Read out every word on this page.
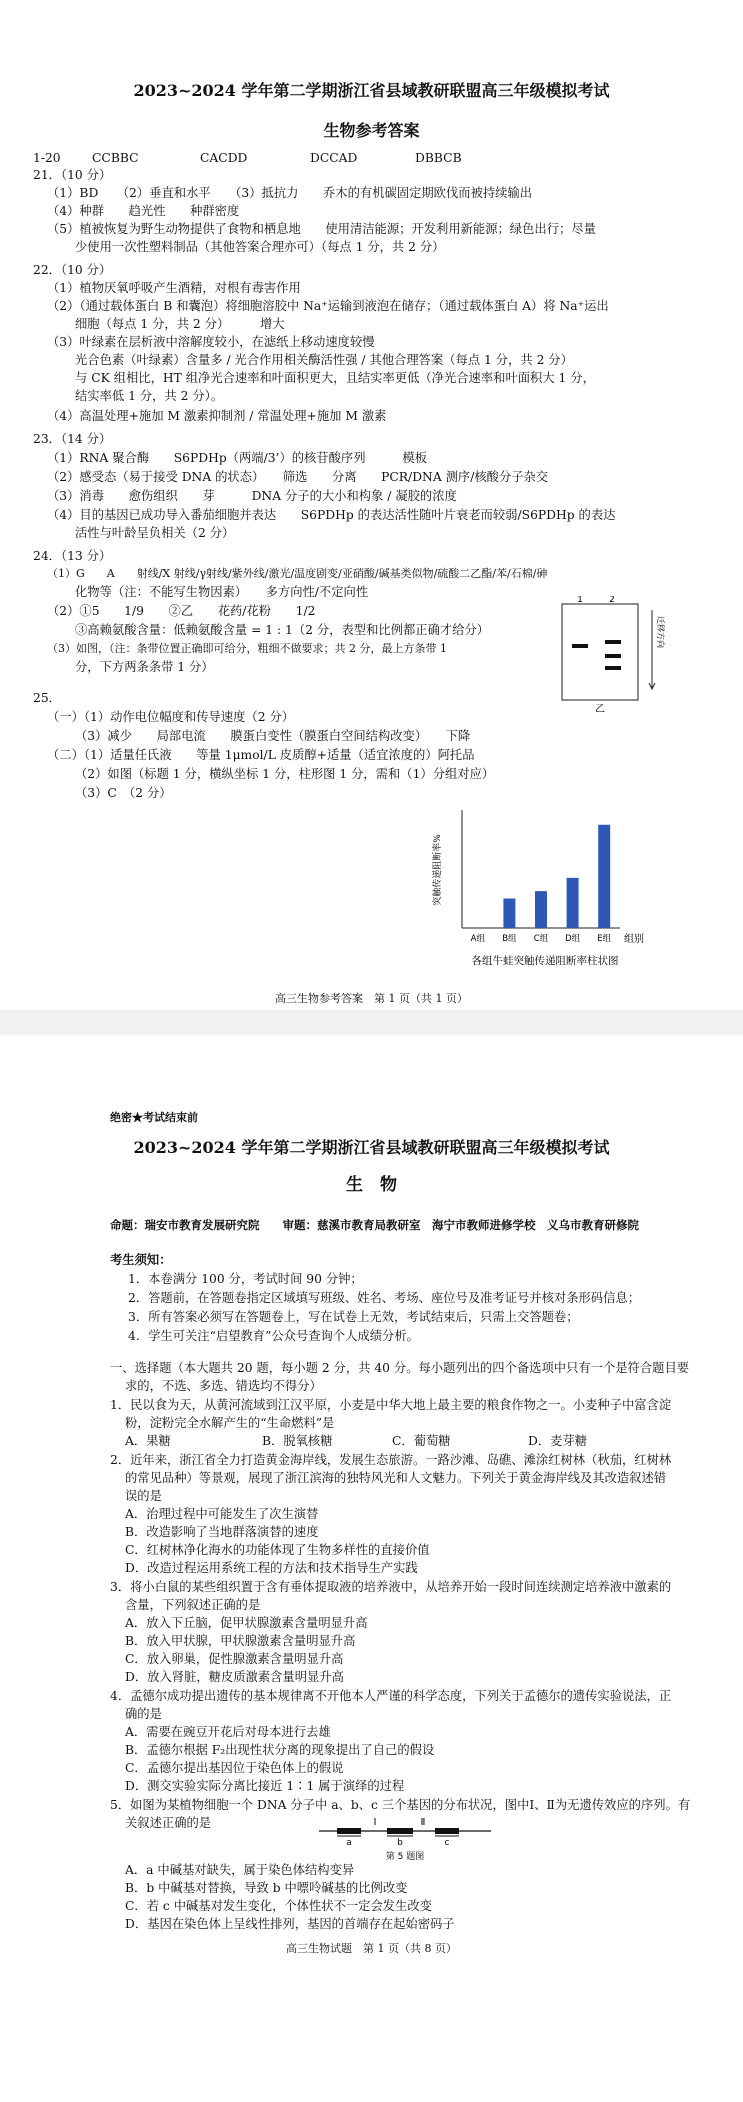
2023~2024 学年第二学期浙江省县域教研联盟高三年级模拟考试
生物参考答案
1-20	CCBBC	CACDD	DCCAD	DBBCB
21．（10 分）
（1）BD　　（2）垂直和水平　　（3）抵抗力　　乔木的有机碳固定期欧伐而被持续输出
（4）种群　　趋光性　　种群密度
（5）植被恢复为野生动物提供了食物和栖息地　　使用清洁能源；开发利用新能源；绿色出行；尽量
少使用一次性塑料制品（其他答案合理亦可）（每点 1 分，共 2 分）
22．（10 分）
（1）植物厌氧呼吸产生酒精，对根有毒害作用
（2）（通过载体蛋白 B 和囊泡）将细胞溶胶中 Na⁺运输到液泡在储存；（通过载体蛋白 A）将 Na⁺运出
细胞（每点 1 分，共 2 分）　　　增大
（3）叶绿素在层析液中溶解度较小，在滤纸上移动速度较慢
光合色素（叶绿素）含量多 / 光合作用相关酶活性强 / 其他合理答案（每点 1 分，共 2 分）
与 CK 组相比，HT 组净光合速率和叶面积更大，且结实率更低（净光合速率和叶面积大 1 分，
结实率低 1 分，共 2 分）。
（4）高温处理+施加 M 激素抑制剂 / 常温处理+施加 M 激素
23．（14 分）
（1）RNA 聚合酶　　S6PDHp（两端/3’）的核苷酸序列　　　模板
（2）感受态（易于接受 DNA 的状态）　　筛选　　分离　　PCR/DNA 测序/核酸分子杂交
（3）消毒　　愈伤组织　　芽　　　DNA 分子的大小和构象 / 凝胶的浓度
（4）目的基因已成功导入番茄细胞并表达　　S6PDHp 的表达活性随叶片衰老而较弱/S6PDHp 的表达
活性与叶龄呈负相关（2 分）
24．（13 分）
（1）G　　A　　射线/X 射线/γ射线/紫外线/激光/温度剧变/亚硝酸/碱基类似物/硫酸二乙酯/苯/石棉/砷
化物等（注：不能写生物因素）　　多方向性/不定向性
（2）①5　　1/9　　②乙　　花药/花粉　　1/2
③高赖氨酸含量：低赖氨酸含量 = 1 : 1（2 分，表型和比例都正确才给分）
（3）如图，（注：条带位置正确即可给分，粗细不做要求；共 2 分，最上方条带 1
分，下方两条条带 1 分）
1	2
迁移方向
乙
25．
（一）（1）动作电位幅度和传导速度（2 分）
（3）减少　　局部电流　　膜蛋白变性（膜蛋白空间结构改变）　　下降
（二）（1）适量任氏液　　等量 1μmol/L 皮质醇+适量（适宜浓度的）阿托品
（2）如图（标题 1 分，横纵坐标 1 分，柱形图 1 分，需和（1）分组对应）
（3）C　（2 分）
突触传递阻断率%
组别
A组 B组 C组 D组 E组
各组牛蛙突触传递阻断率柱状图
高三生物参考答案　第 1 页（共 1 页）
绝密★考试结束前
2023~2024 学年第二学期浙江省县域教研联盟高三年级模拟考试
生　物
命题：瑞安市教育发展研究院　　审题：慈溪市教育局教研室　海宁市教师进修学校　义乌市教育研修院
考生须知：
1．本卷满分 100 分，考试时间 90 分钟；
2．答题前，在答题卷指定区域填写班级、姓名、考场、座位号及准考证号并核对条形码信息；
3．所有答案必须写在答题卷上，写在试卷上无效，考试结束后，只需上交答题卷；
4．学生可关注“启望教育”公众号查询个人成绩分析。
一、选择题（本大题共 20 题，每小题 2 分，共 40 分。每小题列出的四个备选项中只有一个是符合题目要
求的，不选、多选、错选均不得分）
1．民以食为天，从黄河流域到江汉平原，小麦是中华大地上最主要的粮食作物之一。小麦种子中富含淀
粉，淀粉完全水解产生的“生命燃料”是
A．果糖	B．脱氧核糖	C．葡萄糖	D．麦芽糖
2．近年来，浙江省全力打造黄金海岸线，发展生态旅游。一路沙滩、岛礁、滩涂红树林（秋茄，红树林
的常见品种）等景观，展现了浙江滨海的独特风光和人文魅力。下列关于黄金海岸线及其改造叙述错
误的是
A．治理过程中可能发生了次生演替
B．改造影响了当地群落演替的速度
C．红树林净化海水的功能体现了生物多样性的直接价值
D．改造过程运用系统工程的方法和技术指导生产实践
3．将小白鼠的某些组织置于含有垂体提取液的培养液中，从培养开始一段时间连续测定培养液中激素的
含量，下列叙述正确的是
A．放入下丘脑，促甲状腺激素含量明显升高
B．放入甲状腺，甲状腺激素含量明显升高
C．放入卵巢，促性腺激素含量明显升高
D．放入肾脏，糖皮质激素含量明显升高
4．孟德尔成功提出遗传的基本规律离不开他本人严谨的科学态度，下列关于孟德尔的遗传实验说法，正
确的是
A．需要在豌豆开花后对母本进行去雄
B．孟德尔根据 F₂出现性状分离的现象提出了自己的假设
C．孟德尔提出基因位于染色体上的假说
D．测交实验实际分离比接近 1∶1 属于演绎的过程
5．如图为某植物细胞一个 DNA 分子中 a、b、c 三个基因的分布状况，图中Ⅰ、Ⅱ为无遗传效应的序列。有
关叙述正确的是	Ⅰ	Ⅱ
a	b	c
第 5 题图
A．a 中碱基对缺失，属于染色体结构变异
B．b 中碱基对替换，导致 b 中嘌呤碱基的比例改变
C．若 c 中碱基对发生变化，个体性状不一定会发生改变
D．基因在染色体上呈线性排列，基因的首端存在起始密码子
高三生物试题　第 1 页（共 8 页）
